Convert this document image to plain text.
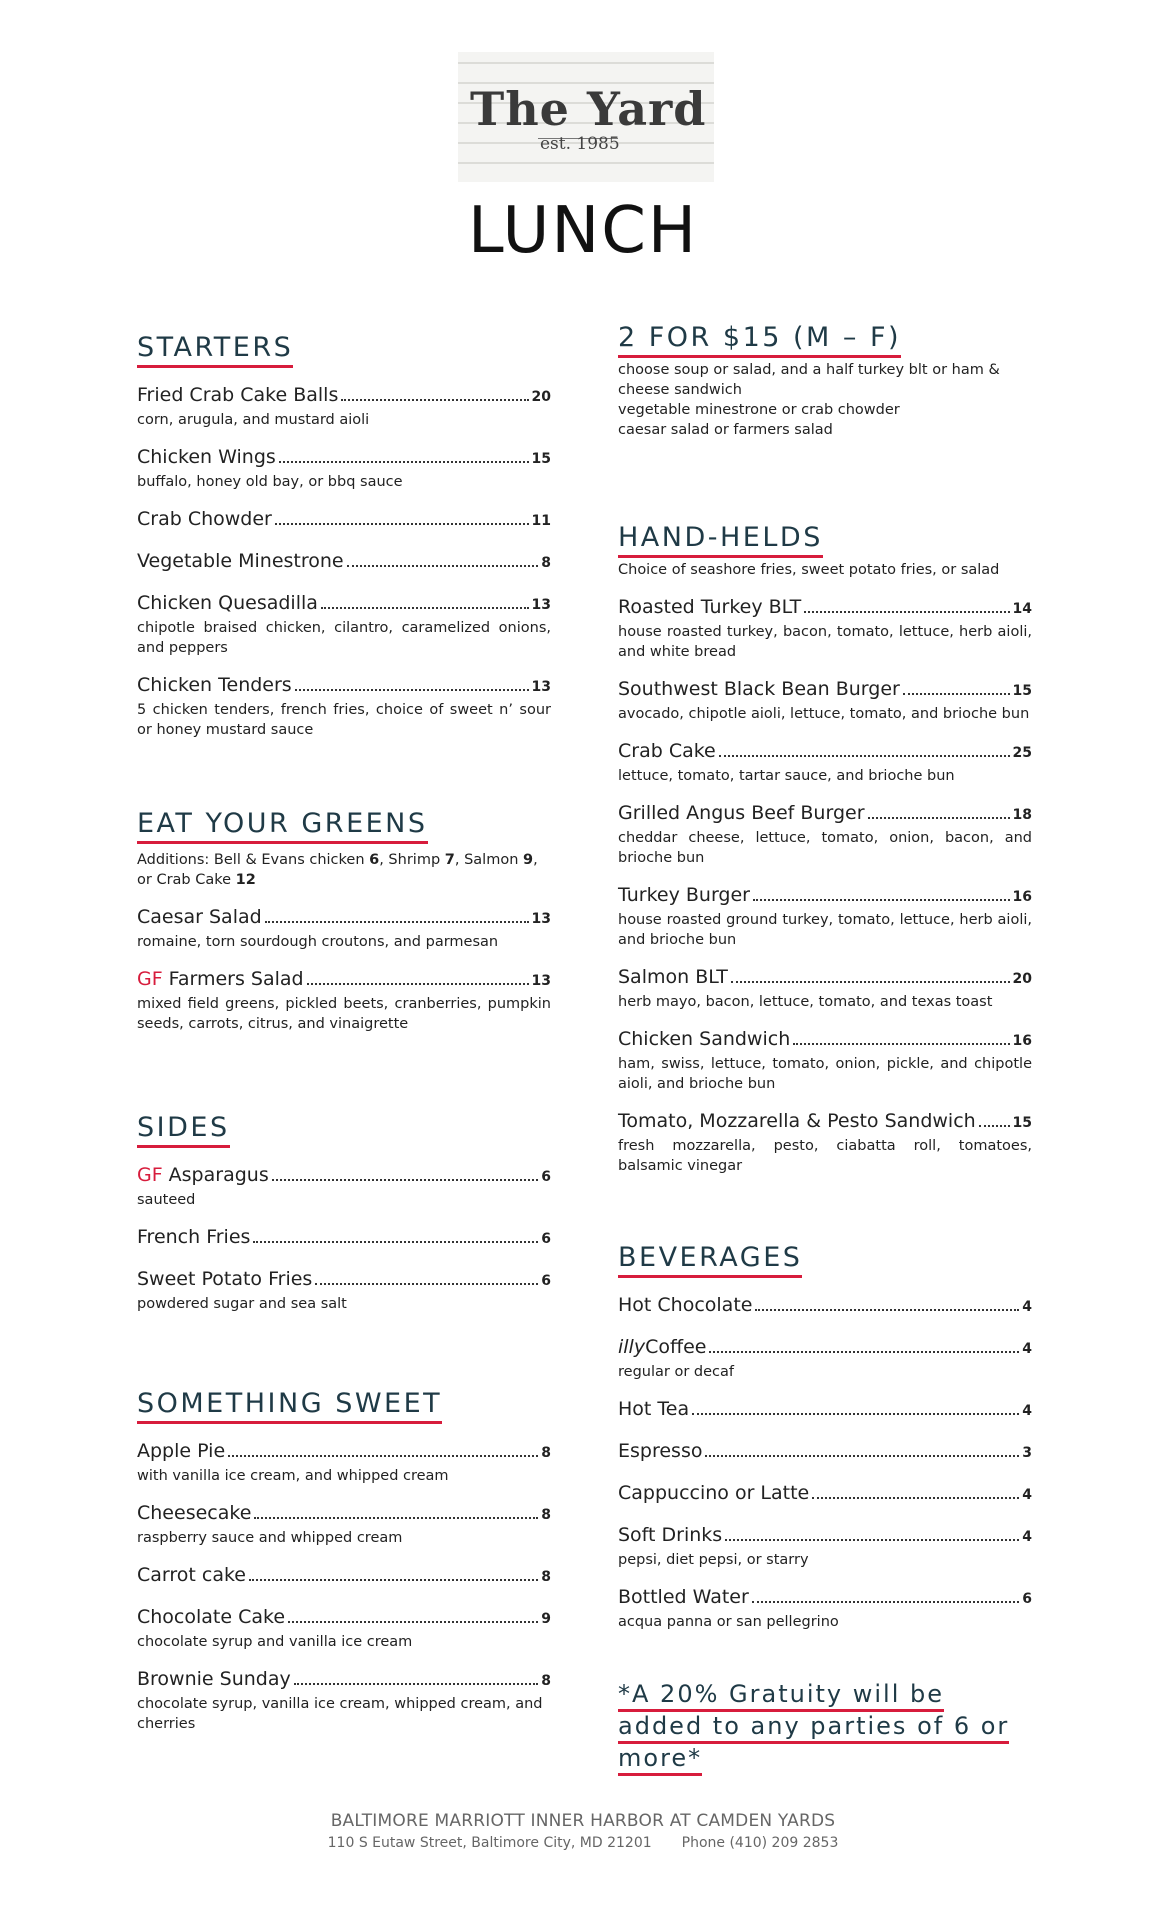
The Yard
est. 1985
LUNCH
STARTERS
Fried Crab Cake Balls	20
corn, arugula, and mustard aioli
Chicken Wings	15
buffalo, honey old bay, or bbq sauce
Crab Chowder	11
Vegetable Minestrone	8
Chicken Quesadilla	13
chipotle braised chicken, cilantro, caramelized onions, and peppers
Chicken Tenders	13
5 chicken tenders, french fries, choice of sweet n’ sour or honey mustard sauce
EAT YOUR GREENS
Additions: Bell & Evans chicken 6, Shrimp 7, Salmon 9, or Crab Cake 12
Caesar Salad	13
romaine, torn sourdough croutons, and parmesan
GF Farmers Salad	13
mixed field greens, pickled beets, cranberries, pumpkin seeds, carrots, citrus, and vinaigrette
SIDES
GF Asparagus	6
sauteed
French Fries	6
Sweet Potato Fries	6
powdered sugar and sea salt
SOMETHING SWEET
Apple Pie	8
with vanilla ice cream, and whipped cream
Cheesecake	8
raspberry sauce and whipped cream
Carrot cake	8
Chocolate Cake	9
chocolate syrup and vanilla ice cream
Brownie Sunday	8
chocolate syrup, vanilla ice cream, whipped cream, and cherries
2 FOR $15 (M – F)
choose soup or salad, and a half turkey blt or ham & cheese sandwich
vegetable minestrone or crab chowder
caesar salad or farmers salad
HAND-HELDS
Choice of seashore fries, sweet potato fries, or salad
Roasted Turkey BLT	14
house roasted turkey, bacon, tomato, lettuce, herb aioli, and white bread
Southwest Black Bean Burger	15
avocado, chipotle aioli, lettuce, tomato, and brioche bun
Crab Cake	25
lettuce, tomato, tartar sauce, and brioche bun
Grilled Angus Beef Burger	18
cheddar cheese, lettuce, tomato, onion, bacon, and brioche bun
Turkey Burger	16
house roasted ground turkey, tomato, lettuce, herb aioli, and brioche bun
Salmon BLT	20
herb mayo, bacon, lettuce, tomato, and texas toast
Chicken Sandwich	16
ham, swiss, lettuce, tomato, onion, pickle, and chipotle aioli, and brioche bun
Tomato, Mozzarella & Pesto Sandwich	15
fresh mozzarella, pesto, ciabatta roll, tomatoes, balsamic vinegar
BEVERAGES
Hot Chocolate	4
illyCoffee	4
regular or decaf
Hot Tea	4
Espresso	3
Cappuccino or Latte	4
Soft Drinks	4
pepsi, diet pepsi, or starry
Bottled Water	6
acqua panna or san pellegrino
*A 20% Gratuity will be added to any parties of 6 or more*
BALTIMORE MARRIOTT INNER HARBOR AT CAMDEN YARDS
110 S Eutaw Street, Baltimore City, MD 21201 Phone (410) 209 2853
